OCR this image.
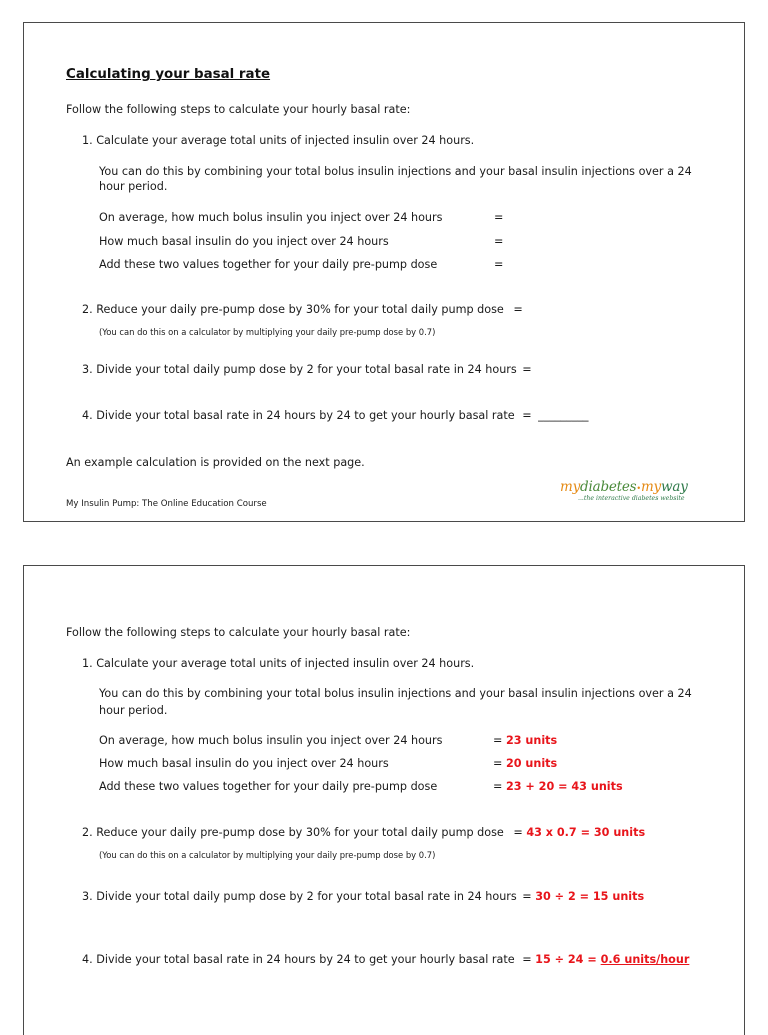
Calculating your basal rate
Follow the following steps to calculate your hourly basal rate:
1. Calculate your average total units of injected insulin over 24 hours.
You can do this by combining your total bolus insulin injections and your basal insulin injections over a 24
hour period.
On average, how much bolus insulin you inject over 24 hours	=
How much basal insulin do you inject over 24 hours	=
Add these two values together for your daily pre-pump dose	=
2. Reduce your daily pre-pump dose by 30% for your total daily pump dose =
(You can do this on a calculator by multiplying your daily pre-pump dose by 0.7)
3. Divide your total daily pump dose by 2 for your total basal rate in 24 hours =
4. Divide your total basal rate in 24 hours by 24 to get your hourly basal rate = _________
An example calculation is provided on the next page.
My Insulin Pump: The Online Education Course
mydiabetes•myway
...the interactive diabetes website
Follow the following steps to calculate your hourly basal rate:
1. Calculate your average total units of injected insulin over 24 hours.
You can do this by combining your total bolus insulin injections and your basal insulin injections over a 24
hour period.
On average, how much bolus insulin you inject over 24 hours	= 23 units
How much basal insulin do you inject over 24 hours	= 20 units
Add these two values together for your daily pre-pump dose	= 23 + 20 = 43 units
2. Reduce your daily pre-pump dose by 30% for your total daily pump dose = 43 x 0.7 = 30 units
(You can do this on a calculator by multiplying your daily pre-pump dose by 0.7)
3. Divide your total daily pump dose by 2 for your total basal rate in 24 hours = 30 ÷ 2 = 15 units
4. Divide your total basal rate in 24 hours by 24 to get your hourly basal rate = 15 ÷ 24 = 0.6 units/hour
